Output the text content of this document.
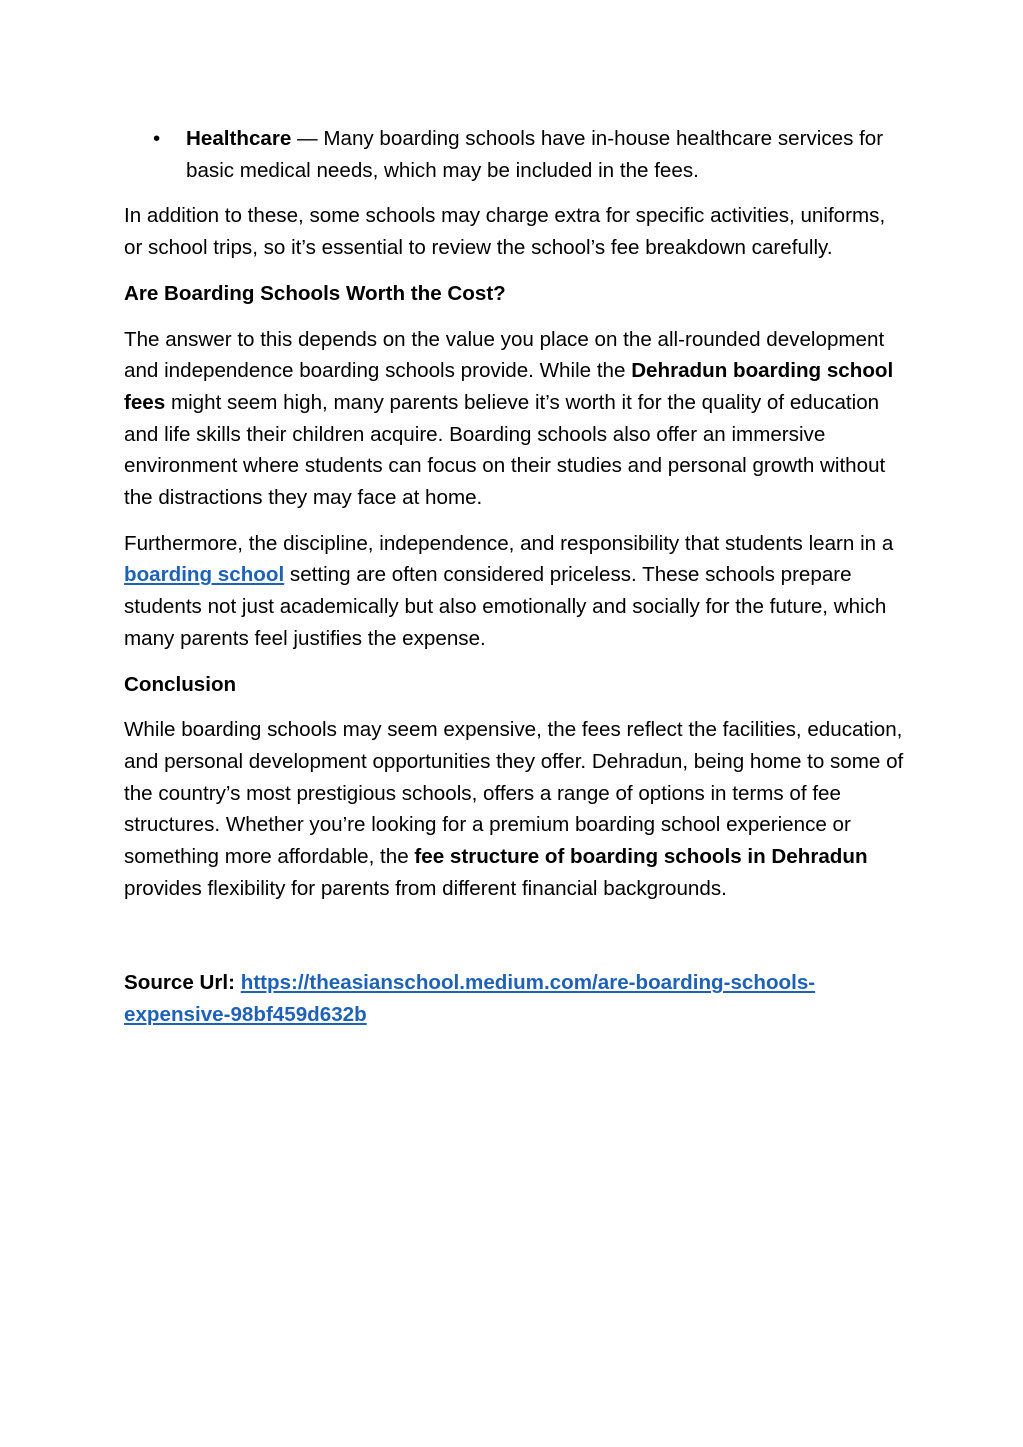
• Healthcare — Many boarding schools have in-house healthcare services for basic medical needs, which may be included in the fees.

In addition to these, some schools may charge extra for specific activities, uniforms, or school trips, so it’s essential to review the school’s fee breakdown carefully.

Are Boarding Schools Worth the Cost?

The answer to this depends on the value you place on the all-rounded development and independence boarding schools provide. While the Dehradun boarding school fees might seem high, many parents believe it’s worth it for the quality of education and life skills their children acquire. Boarding schools also offer an immersive environment where students can focus on their studies and personal growth without the distractions they may face at home.

Furthermore, the discipline, independence, and responsibility that students learn in a boarding school setting are often considered priceless. These schools prepare students not just academically but also emotionally and socially for the future, which many parents feel justifies the expense.

Conclusion

While boarding schools may seem expensive, the fees reflect the facilities, education, and personal development opportunities they offer. Dehradun, being home to some of the country’s most prestigious schools, offers a range of options in terms of fee structures. Whether you’re looking for a premium boarding school experience or something more affordable, the fee structure of boarding schools in Dehradun provides flexibility for parents from different financial backgrounds.

Source Url: https://theasianschool.medium.com/are-boarding-schools-expensive-98bf459d632b
